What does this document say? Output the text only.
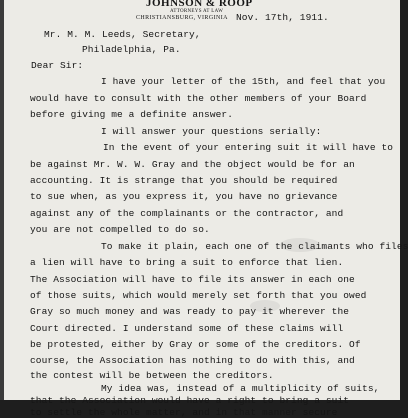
JOHNSON & ROOP
ATTORNEYS AT LAW
CHRISTIANSBURG, VIRGINIA Nov. 17th, 1911.
Mr. M. M. Leeds, Secretary,
Philadelphia, Pa.
Dear Sir:
I have your letter of the 15th, and feel that you
would have to consult with the other members of your Board
before giving me a definite answer.
I will answer your questions serially:
In the event of your entering suit it will have to
be against Mr. W. W. Gray and the object would be for an
accounting. It is strange that you should be required
to sue when, as you express it, you have no grievance
against any of the complainants or the contractor, and
you are not compelled to do so.
To make it plain, each one of the claimants who files
a lien will have to bring a suit to enforce that lien.
The Association will have to file its answer in each one
of those suits, which would merely set forth that you owed
Gray so much money and was ready to pay it wherever the
Court directed. I understand some of these claims will
be protested, either by Gray or some of the creditors. Of
course, the Association has nothing to do with this, and
the contest will be between the creditors.
My idea was, instead of a multiplicity of suits,
that the Association would have a right to bring a suit
to settle the whole matter, and in that manner secure
